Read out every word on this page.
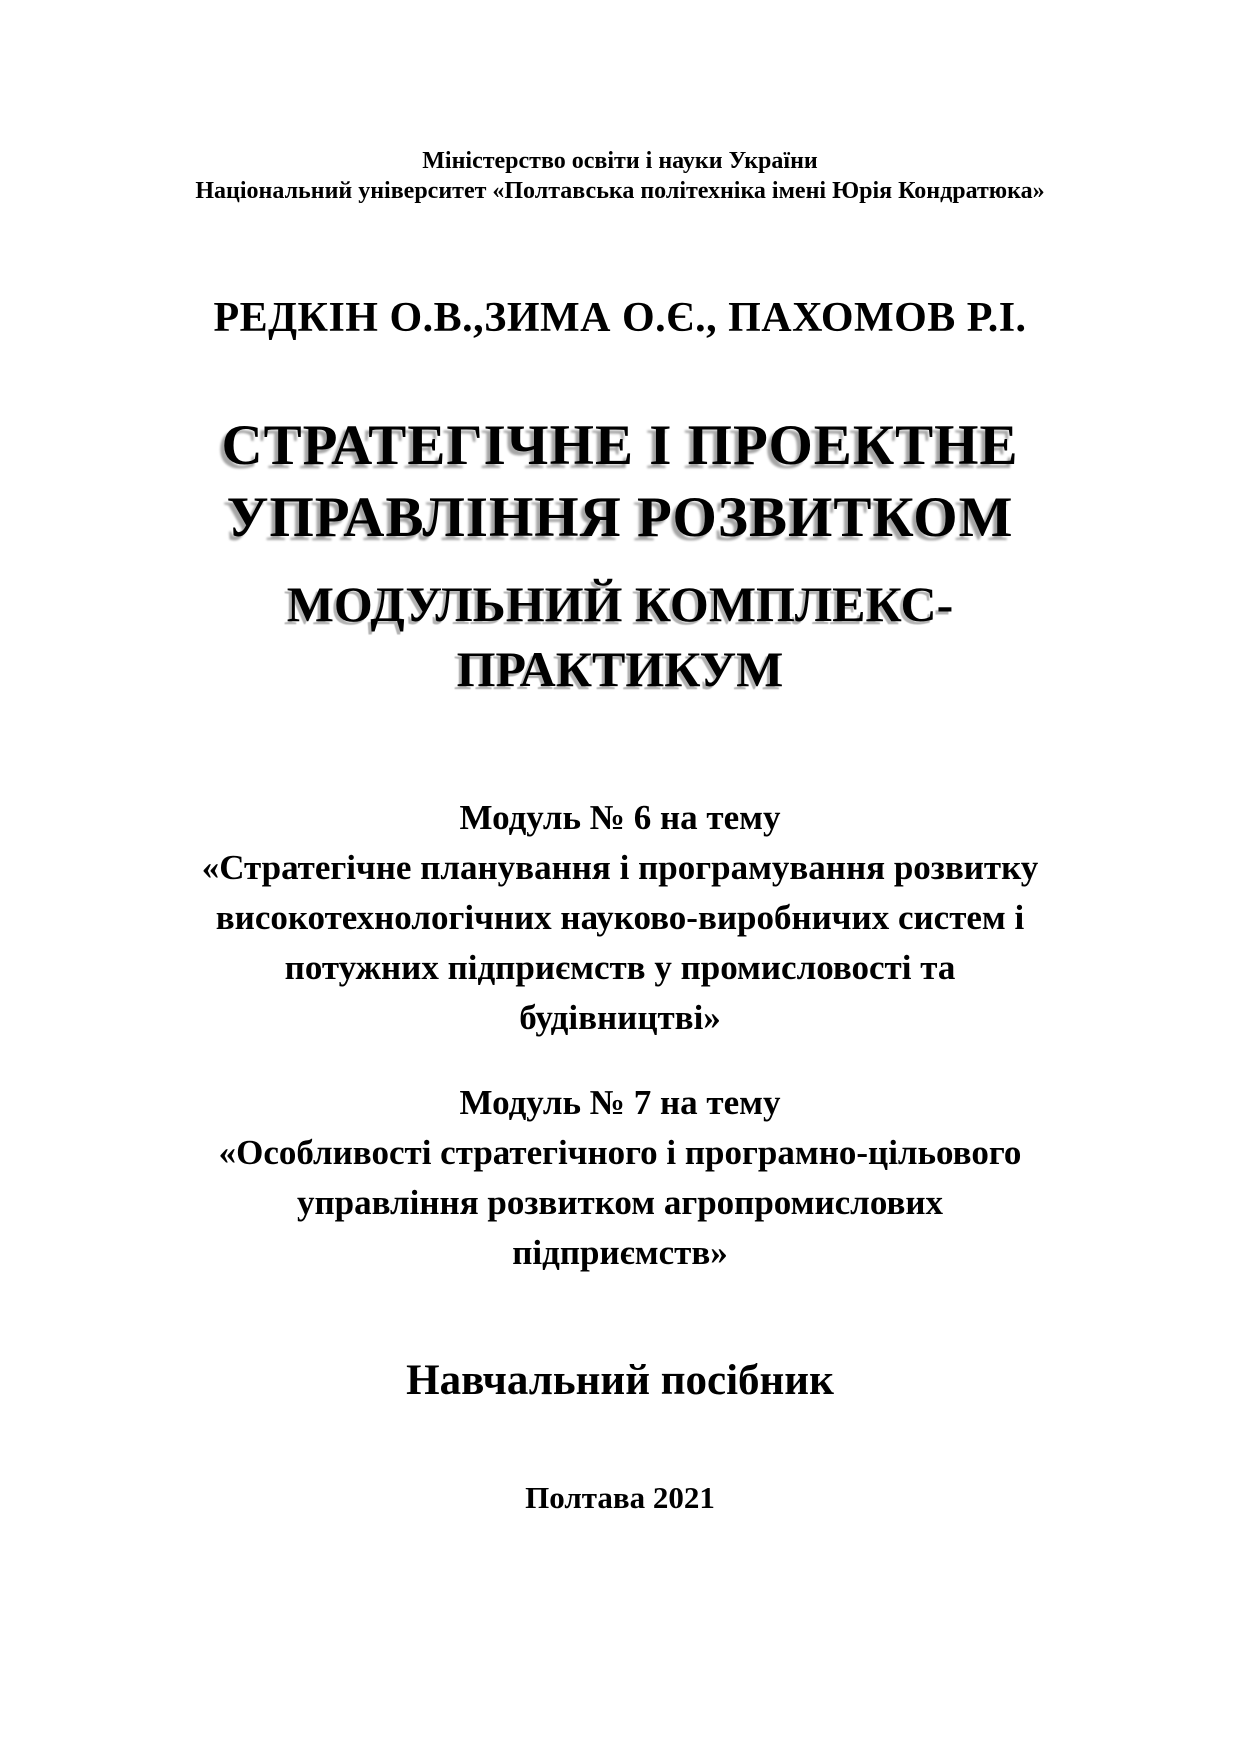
Міністерство освіти і науки України
Національний університет «Полтавська політехніка імені Юрія Кондратюка»
РЕДКІН О.В.,ЗИМА О.Є., ПАХОМОВ Р.І.
СТРАТЕГІЧНЕ І ПРОЕКТНЕ
УПРАВЛІННЯ РОЗВИТКОМ
МОДУЛЬНИЙ КОМПЛЕКС-
ПРАКТИКУМ
Модуль № 6 на тему
«Стратегічне планування і програмування розвитку
високотехнологічних науково-виробничих систем і
потужних підприємств у промисловості та
будівництві»
Модуль № 7 на тему
«Особливості стратегічного і програмно-цільового
управління розвитком агропромислових
підприємств»
Навчальний посібник
Полтава 2021
